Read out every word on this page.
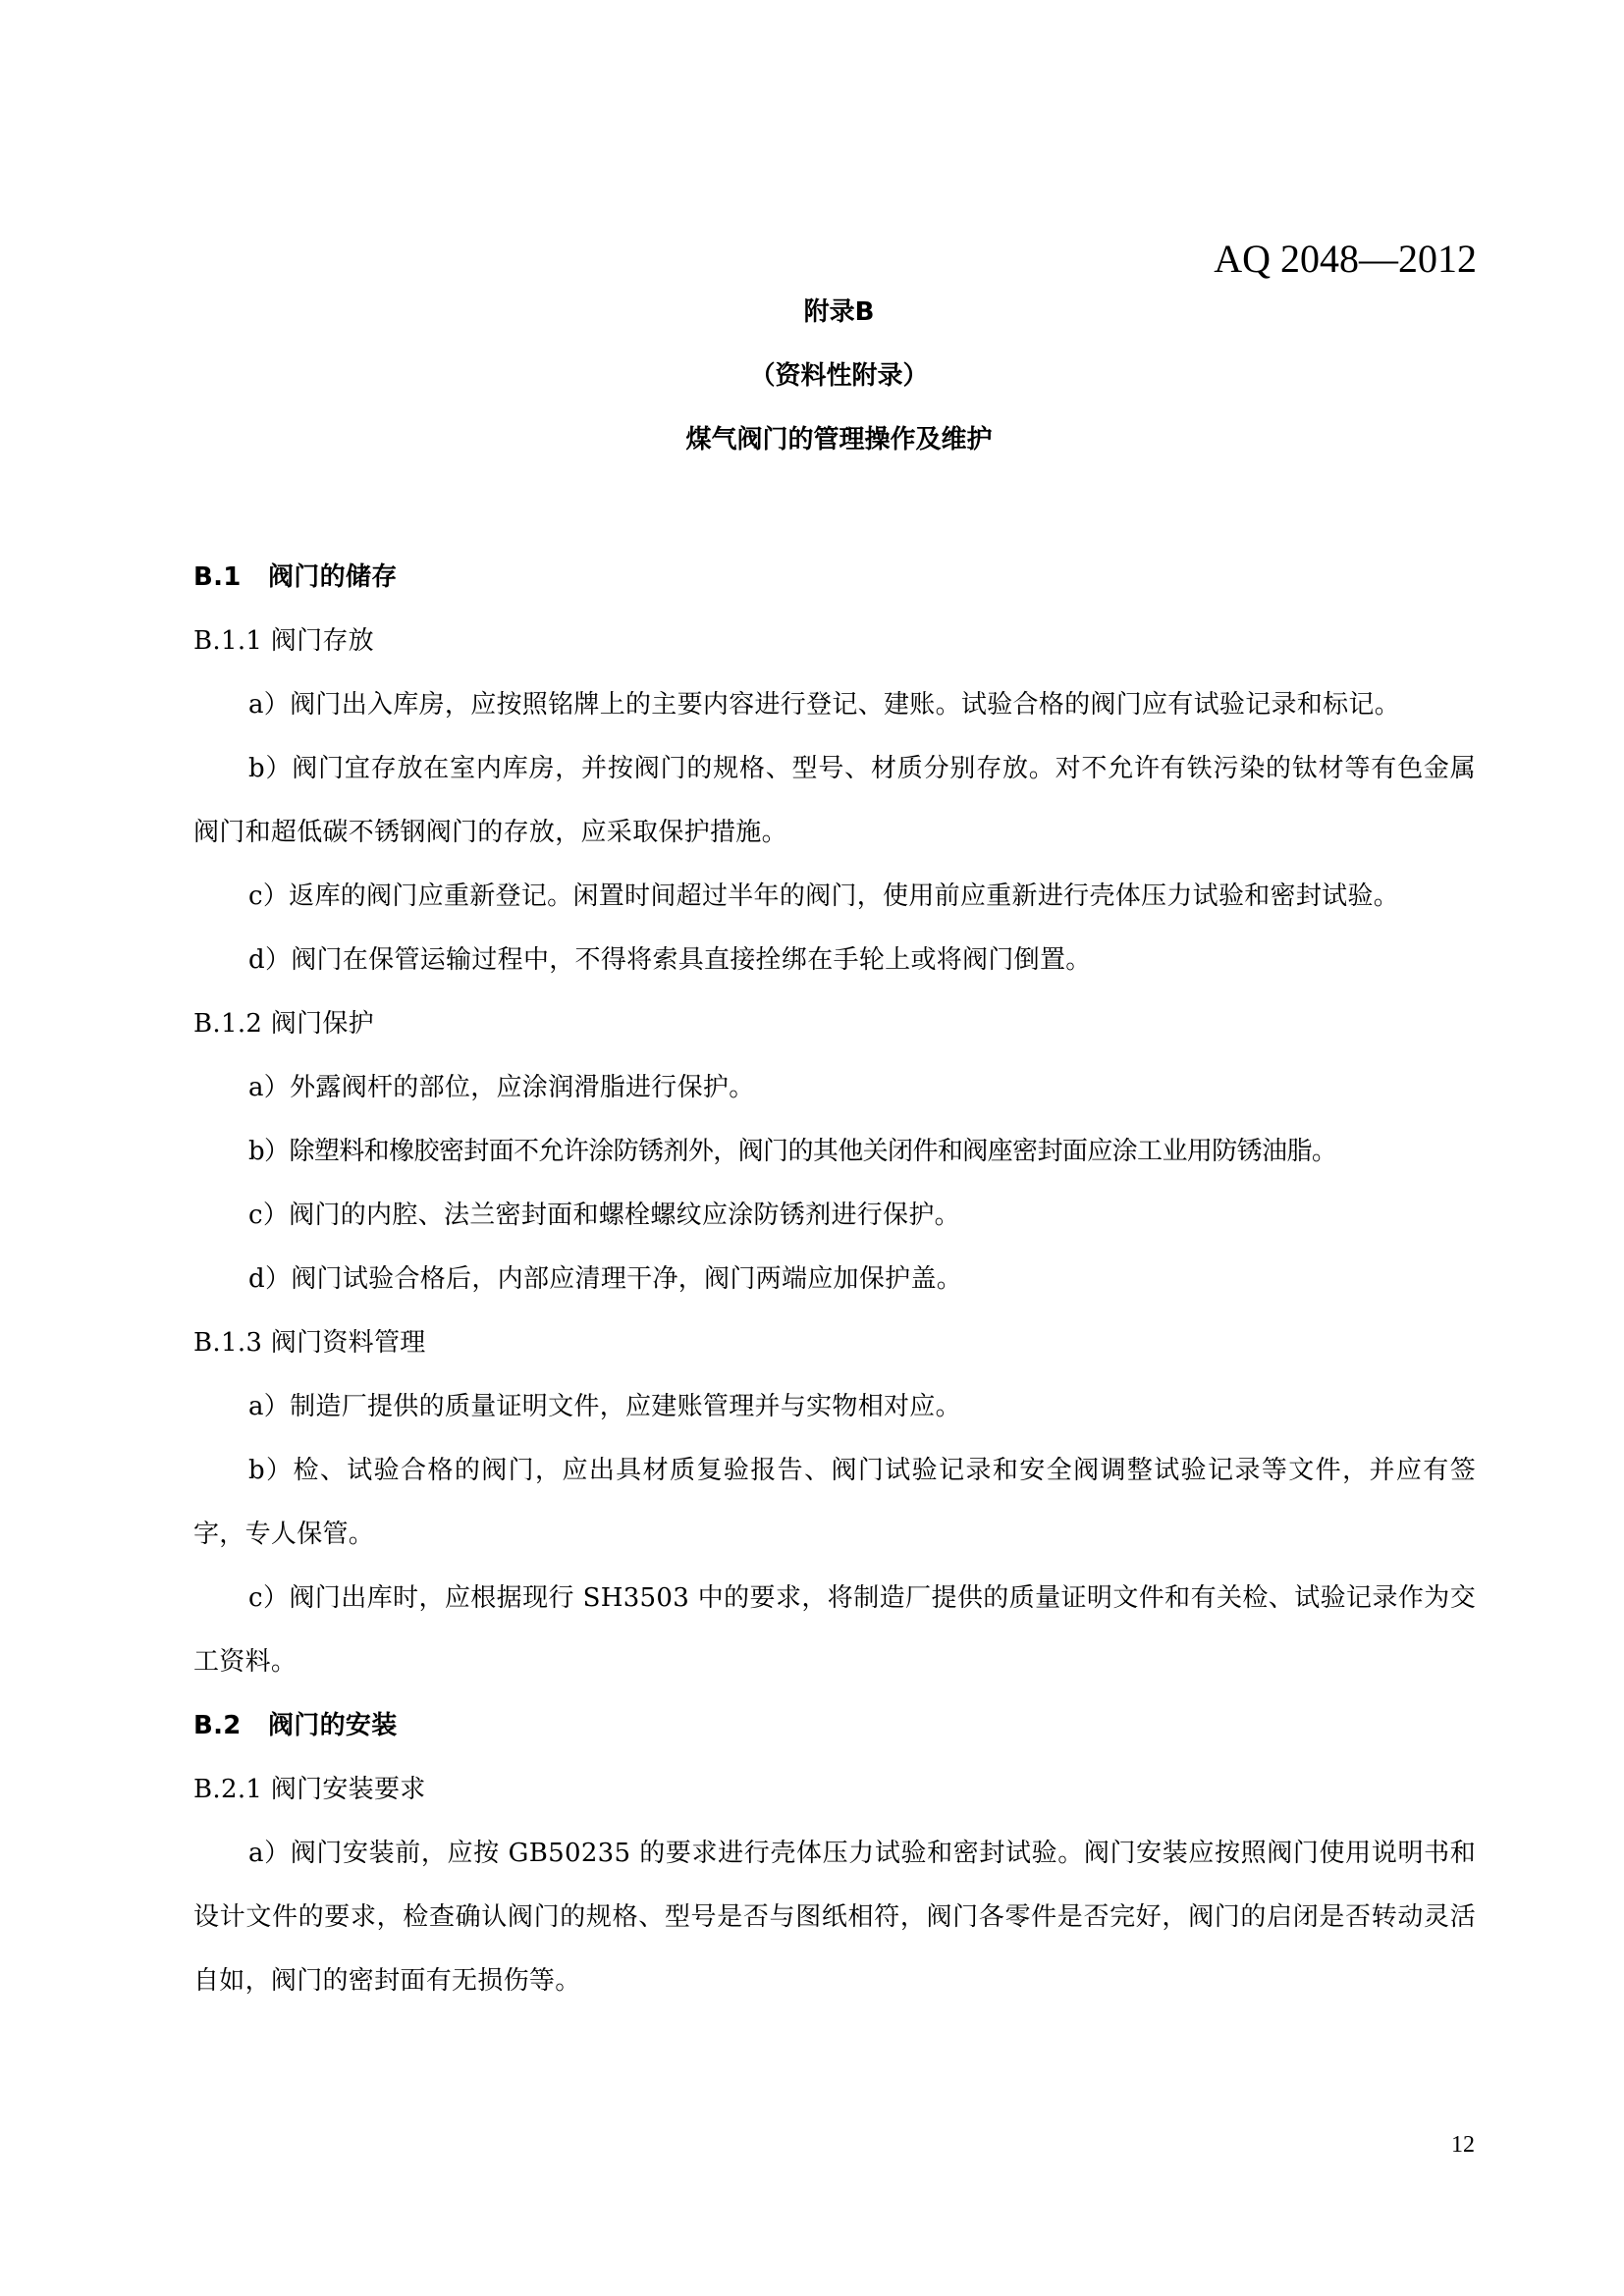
AQ 2048—2012
附录B
（资料性附录）
煤气阀门的管理操作及维护

B.1 阀门的储存

B.1.1 阀门存放

a）阀门出入库房，应按照铭牌上的主要内容进行登记、建账。试验合格的阀门应有试验记录和标记。

b）阀门宜存放在室内库房，并按阀门的规格、型号、材质分别存放。对不允许有铁污染的钛材等有色金属阀门和超低碳不锈钢阀门的存放，应采取保护措施。

c）返库的阀门应重新登记。闲置时间超过半年的阀门，使用前应重新进行壳体压力试验和密封试验。

d）阀门在保管运输过程中，不得将索具直接拴绑在手轮上或将阀门倒置。

B.1.2 阀门保护

a）外露阀杆的部位，应涂润滑脂进行保护。

b）除塑料和橡胶密封面不允许涂防锈剂外，阀门的其他关闭件和阀座密封面应涂工业用防锈油脂。

c）阀门的内腔、法兰密封面和螺栓螺纹应涂防锈剂进行保护。

d）阀门试验合格后，内部应清理干净，阀门两端应加保护盖。

B.1.3 阀门资料管理

a）制造厂提供的质量证明文件，应建账管理并与实物相对应。

b）检、试验合格的阀门，应出具材质复验报告、阀门试验记录和安全阀调整试验记录等文件，并应有签字，专人保管。

c）阀门出库时，应根据现行 SH3503 中的要求，将制造厂提供的质量证明文件和有关检、试验记录作为交工资料。

B.2 阀门的安装

B.2.1 阀门安装要求

a）阀门安装前，应按 GB50235 的要求进行壳体压力试验和密封试验。阀门安装应按照阀门使用说明书和设计文件的要求，检查确认阀门的规格、型号是否与图纸相符，阀门各零件是否完好，阀门的启闭是否转动灵活自如，阀门的密封面有无损伤等。

12
